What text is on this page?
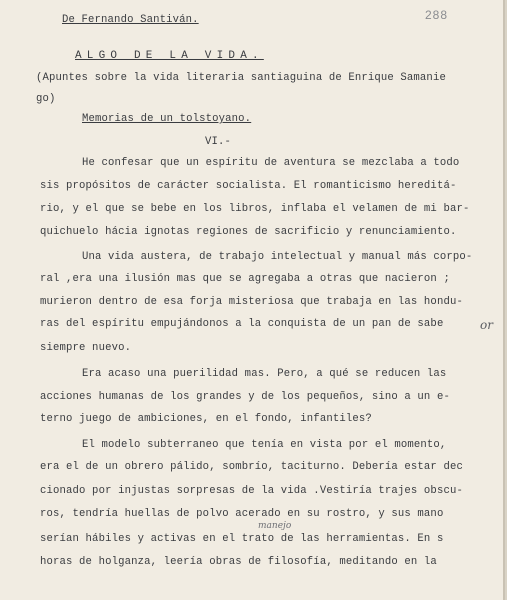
288
De Fernando Santiván.
ALGO DE LA VIDA.
(Apuntes sobre la vida literaria santiaguina de Enrique Samanie
go)
Memorias de un tolstoyano.
VI.-
He confesar que un espíritu de aventura se mezclaba a todo
sis propósitos de carácter socialista. El romanticismo hereditá-
rio, y el que se bebe en los libros, inflaba el velamen de mi bar-
quichuelo hácia ignotas regiones de sacrificio y renunciamiento.
Una vida austera, de trabajo intelectual y manual más corpo-
ral ,era una ilusión mas que se agregaba a otras que nacieron ;
murieron dentro de esa forja misteriosa que trabaja en las hondu-
ras del espíritu empujándonos a la conquista de un pan de sabe
siempre nuevo.
Era acaso una puerilidad mas. Pero, a qué se reducen las
acciones humanas de los grandes y de los pequeños, sino a un e-
terno juego de ambiciones, en el fondo, infantiles?
El modelo subterraneo que tenía en vista por el momento,
era el de un obrero pálido, sombrío, taciturno. Debería estar dec
cionado por injustas sorpresas de la vida .Vestiría trajes obscu-
ros, tendría huellas de polvo acerado en su rostro, y sus mano
serían hábiles y activas en el trato de las herramientas. En s
horas de holganza, leería obras de filosofía, meditando en la
manejo
or
